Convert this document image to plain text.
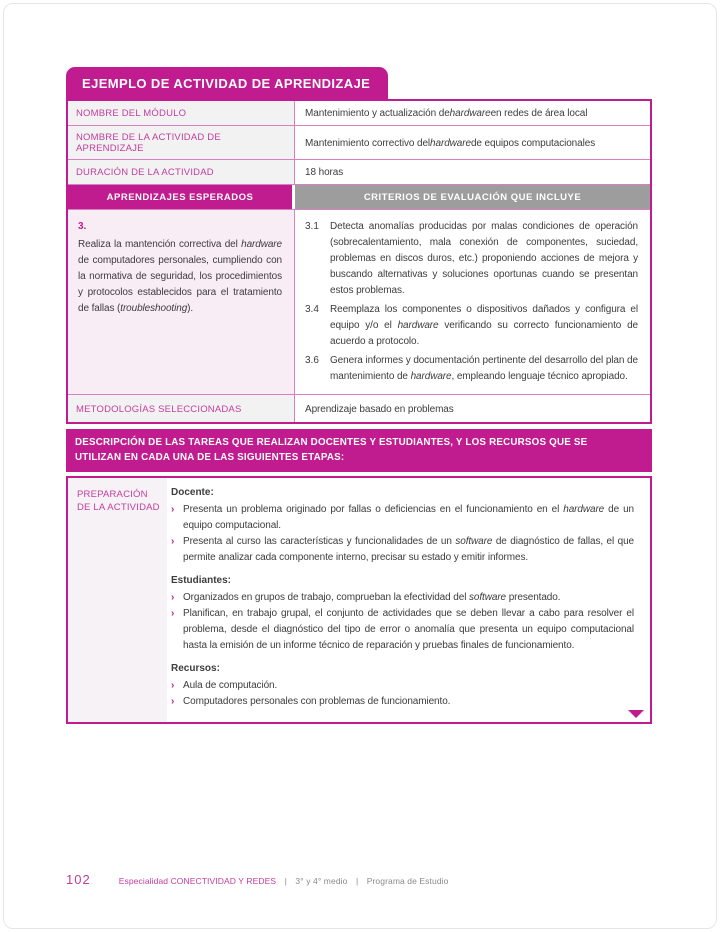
EJEMPLO DE ACTIVIDAD DE APRENDIZAJE
NOMBRE DEL MÓDULO	Mantenimiento y actualización de hardware en redes de área local
NOMBRE DE LA ACTIVIDAD DE APRENDIZAJE	Mantenimiento correctivo del hardware de equipos computacionales
DURACIÓN DE LA ACTIVIDAD	18 horas
APRENDIZAJES ESPERADOS	CRITERIOS DE EVALUACIÓN QUE INCLUYE
3.
Realiza la mantención correctiva del hardware de computadores personales, cumpliendo con la normativa de seguridad, los procedimientos y protocolos establecidos para el tratamiento de fallas (troubleshooting).
3.1	Detecta anomalías producidas por malas condiciones de operación (sobrecalentamiento, mala conexión de componentes, suciedad, problemas en discos duros, etc.) proponiendo acciones de mejora y buscando alternativas y soluciones oportunas cuando se presentan estos problemas.
3.4	Reemplaza los componentes o dispositivos dañados y configura el equipo y/o el hardware verificando su correcto funcionamiento de acuerdo a protocolo.
3.6	Genera informes y documentación pertinente del desarrollo del plan de mantenimiento de hardware, empleando lenguaje técnico apropiado.
METODOLOGÍAS SELECCIONADAS	Aprendizaje basado en problemas
DESCRIPCIÓN DE LAS TAREAS QUE REALIZAN DOCENTES Y ESTUDIANTES, Y LOS RECURSOS QUE SE UTILIZAN EN CADA UNA DE LAS SIGUIENTES ETAPAS:
PREPARACIÓN DE LA ACTIVIDAD
Docente:
› Presenta un problema originado por fallas o deficiencias en el funcionamiento en el hardware de un equipo computacional.
› Presenta al curso las características y funcionalidades de un software de diagnóstico de fallas, el que permite analizar cada componente interno, precisar su estado y emitir informes.
Estudiantes:
› Organizados en grupos de trabajo, comprueban la efectividad del software presentado.
› Planifican, en trabajo grupal, el conjunto de actividades que se deben llevar a cabo para resolver el problema, desde el diagnóstico del tipo de error o anomalía que presenta un equipo computacional hasta la emisión de un informe técnico de reparación y pruebas finales de funcionamiento.
Recursos:
› Aula de computación.
› Computadores personales con problemas de funcionamiento.
102	Especialidad CONECTIVIDAD Y REDES | 3° y 4° medio | Programa de Estudio
